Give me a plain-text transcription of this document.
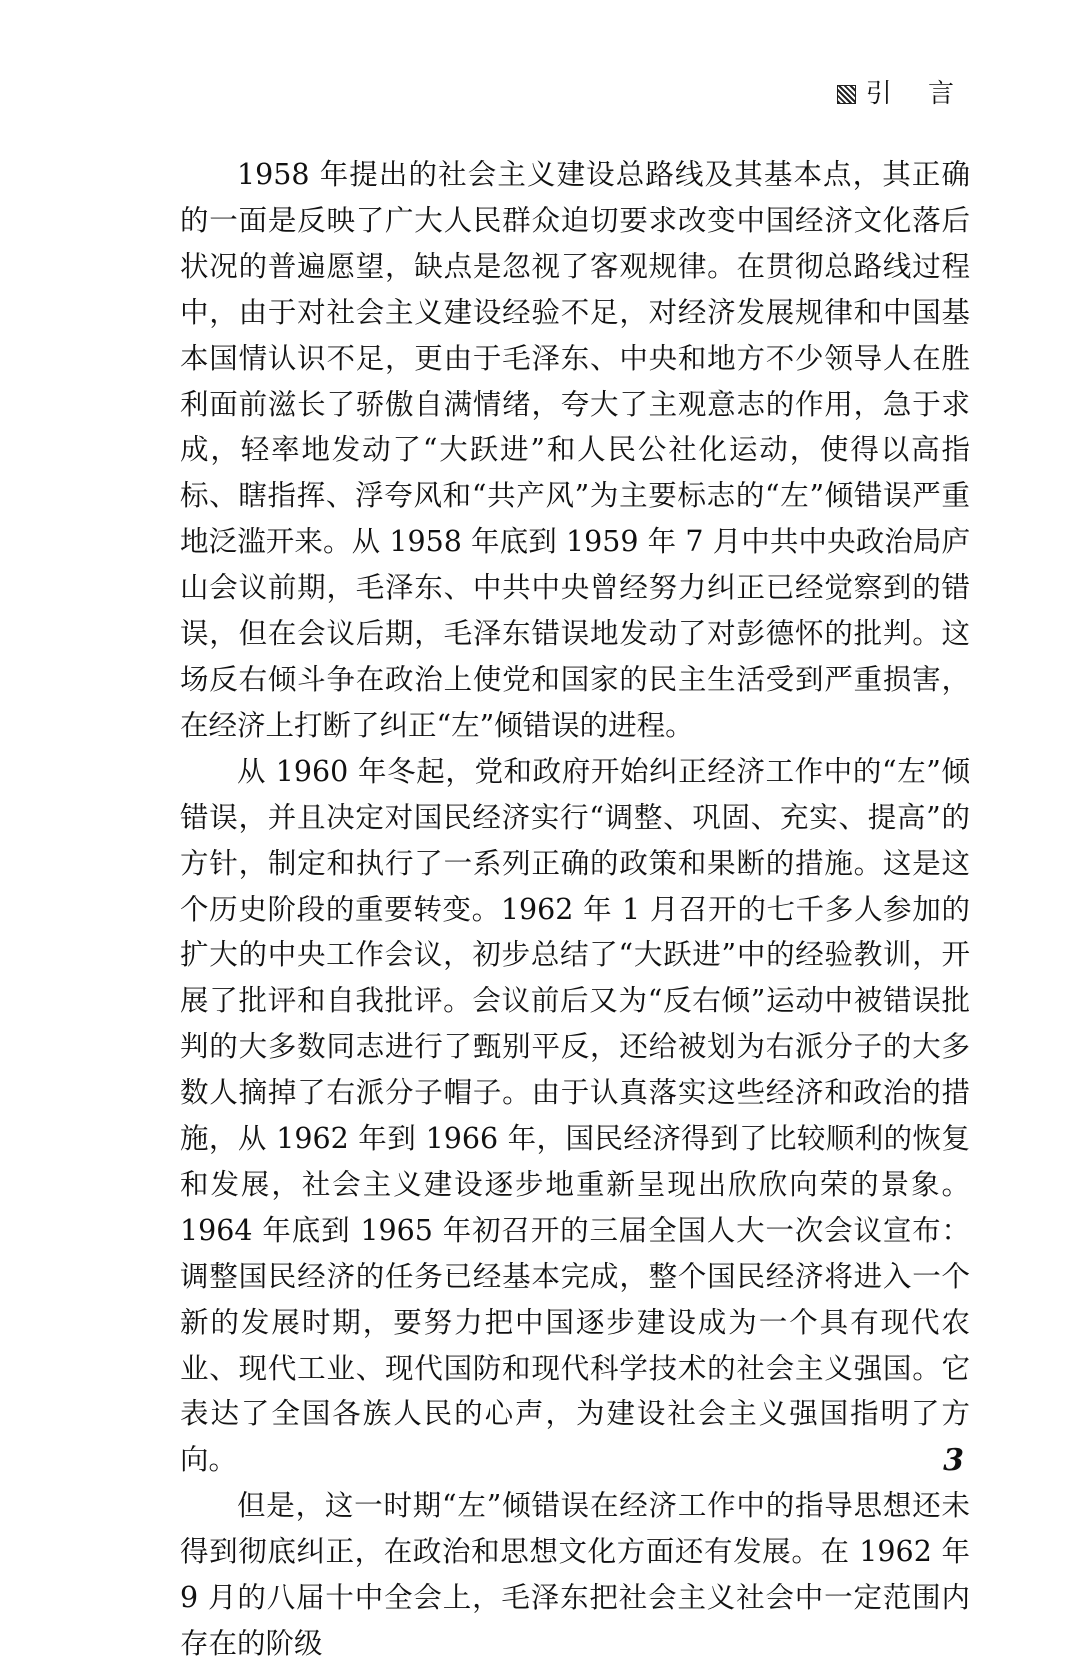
引 言

1958 年提出的社会主义建设总路线及其基本点，其正确的一面是反映了广大人民群众迫切要求改变中国经济文化落后状况的普遍愿望，缺点是忽视了客观规律。在贯彻总路线过程中，由于对社会主义建设经验不足，对经济发展规律和中国基本国情认识不足，更由于毛泽东、中央和地方不少领导人在胜利面前滋长了骄傲自满情绪，夸大了主观意志的作用，急于求成，轻率地发动了“大跃进”和人民公社化运动，使得以高指标、瞎指挥、浮夸风和“共产风”为主要标志的“左”倾错误严重地泛滥开来。从 1958 年底到 1959 年 7 月中共中央政治局庐山会议前期，毛泽东、中共中央曾经努力纠正已经觉察到的错误，但在会议后期，毛泽东错误地发动了对彭德怀的批判。这场反右倾斗争在政治上使党和国家的民主生活受到严重损害，在经济上打断了纠正“左”倾错误的进程。

从 1960 年冬起，党和政府开始纠正经济工作中的“左”倾错误，并且决定对国民经济实行“调整、巩固、充实、提高”的方针，制定和执行了一系列正确的政策和果断的措施。这是这个历史阶段的重要转变。1962 年 1 月召开的七千多人参加的扩大的中央工作会议，初步总结了“大跃进”中的经验教训，开展了批评和自我批评。会议前后又为“反右倾”运动中被错误批判的大多数同志进行了甄别平反，还给被划为右派分子的大多数人摘掉了右派分子帽子。由于认真落实这些经济和政治的措施，从 1962 年到 1966 年，国民经济得到了比较顺利的恢复和发展，社会主义建设逐步地重新呈现出欣欣向荣的景象。1964 年底到 1965 年初召开的三届全国人大一次会议宣布：调整国民经济的任务已经基本完成，整个国民经济将进入一个新的发展时期，要努力把中国逐步建设成为一个具有现代农业、现代工业、现代国防和现代科学技术的社会主义强国。它表达了全国各族人民的心声，为建设社会主义强国指明了方向。

但是，这一时期“左”倾错误在经济工作中的指导思想还未得到彻底纠正，在政治和思想文化方面还有发展。在 1962 年 9 月的八届十中全会上，毛泽东把社会主义社会中一定范围内存在的阶级

3
